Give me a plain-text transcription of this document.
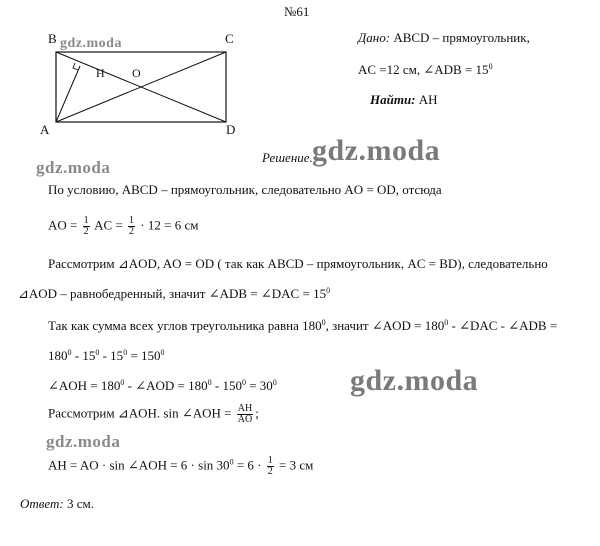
№61
B	C
A	D
H O
gdz.moda	Дано: ABCD – прямоугольник,
AC =12 см, ∠ADB = $15^0$
Найти: AH
Решение. gdz.moda
gdz.moda
По условию, ABCD – прямоугольник, следовательно AO = OD, отсюда
AO = $\frac{1}{2}$ AC = $\frac{1}{2} \cdot 12 = 6$ см
Рассмотрим ⊿AOD, AO = OD ( так как ABCD – прямоугольник, AC = BD), следовательно
⊿AOD – равнобедренный, значит ∠ADB = ∠DAC = $15^0$
Так как сумма всех углов треугольника равна $180^0$, значит ∠AOD = $180^0$ - ∠DAC - ∠ADB =
$180^0 - 15^0 - 15^0 = 150^0$
∠AOH = $180^0$ - ∠AOD = $180^0 - 150^0 = 30^0$ gdz.moda
Рассмотрим ⊿AOH. sin ∠AOH = $\frac{AH}{AO}$ ;
gdz.moda
AH = AO · sin ∠AOH = $6 \cdot \sin 30^0 = 6 \cdot \frac{1}{2} = 3$ см
Ответ: 3 см.
